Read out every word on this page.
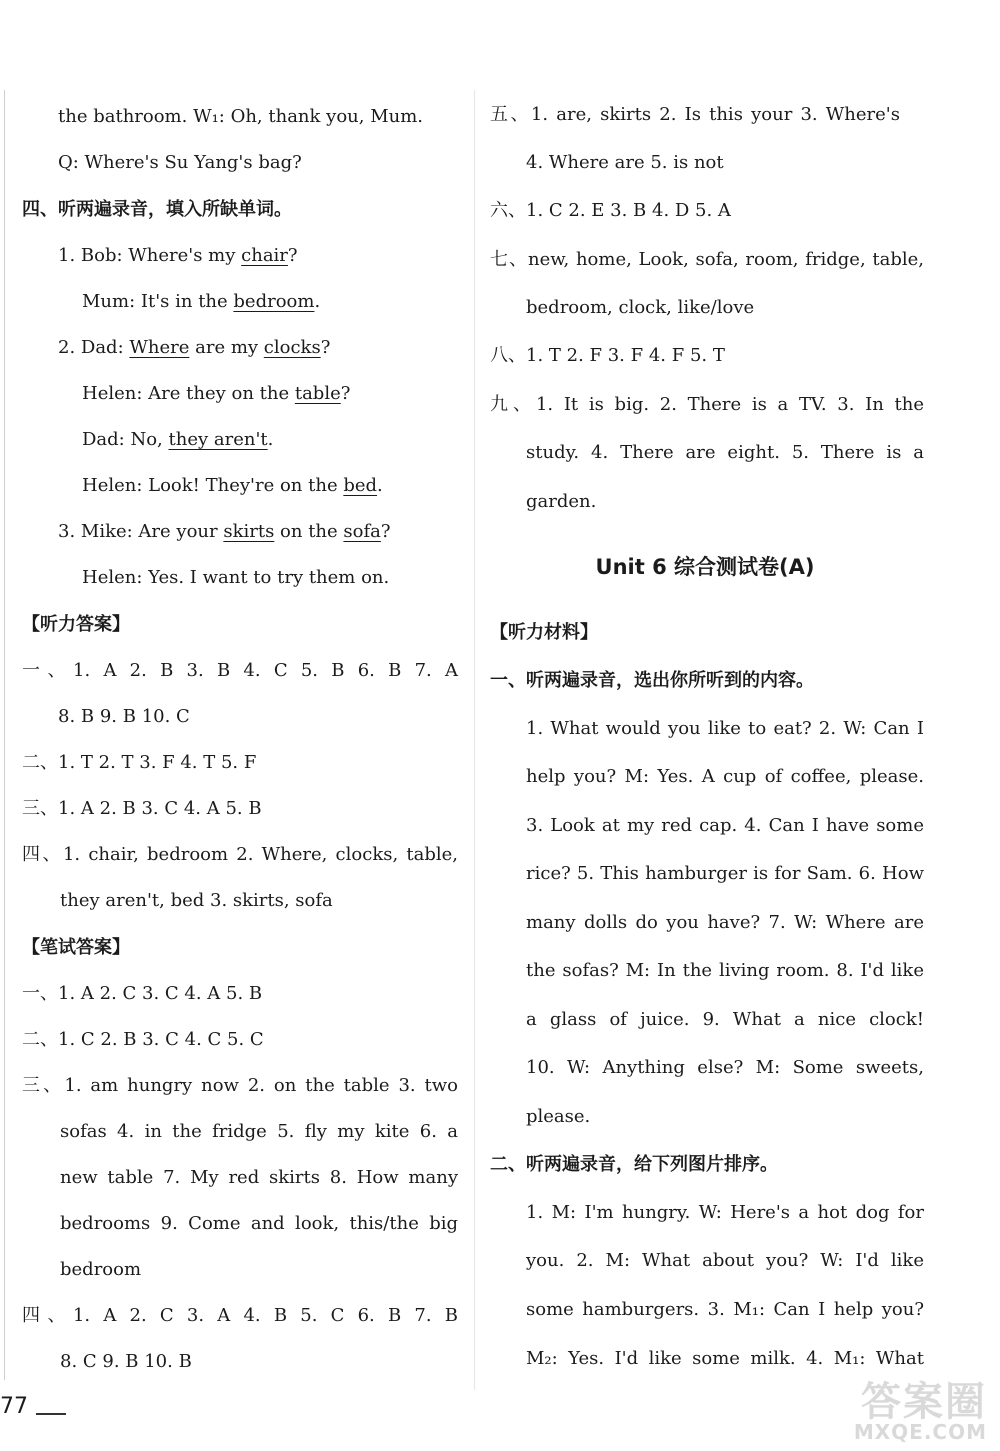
the bathroom. W₁: Oh, thank you, Mum.
Q: Where's Su Yang's bag?
四、听两遍录音，填入所缺单词。
1. Bob: Where's my chair?
Mum: It's in the bedroom.
2. Dad: Where are my clocks?
Helen: Are they on the table?
Dad: No, they aren't.
Helen: Look! They're on the bed.
3. Mike: Are your skirts on the sofa?
Helen: Yes. I want to try them on.
【听力答案】
一、1. A 2. B 3. B 4. C 5. B 6. B 7. A
8. B 9. B 10. C
二、1. T 2. T 3. F 4. T 5. F
三、1. A 2. B 3. C 4. A 5. B
四、1. chair, bedroom 2. Where, clocks, table,
they aren't, bed 3. skirts, sofa
【笔试答案】
一、1. A 2. C 3. C 4. A 5. B
二、1. C 2. B 3. C 4. C 5. C
三、1. am hungry now 2. on the table 3. two
sofas 4. in the fridge 5. fly my kite 6. a
new table 7. My red skirts 8. How many
bedrooms 9. Come and look, this/the big
bedroom
四、1. A 2. C 3. A 4. B 5. C 6. B 7. B
8. C 9. B 10. B
五、1. are, skirts 2. Is this your 3. Where's
4. Where are 5. is not
六、1. C 2. E 3. B 4. D 5. A
七、new, home, Look, sofa, room, fridge, table,
bedroom, clock, like/love
八、1. T 2. F 3. F 4. F 5. T
九、1. It is big. 2. There is a TV. 3. In the
study. 4. There are eight. 5. There is a
garden.
Unit 6 综合测试卷(A)
【听力材料】
一、听两遍录音，选出你所听到的内容。
1. What would you like to eat? 2. W: Can I
help you? M: Yes. A cup of coffee, please.
3. Look at my red cap. 4. Can I have some
rice? 5. This hamburger is for Sam. 6. How
many dolls do you have? 7. W: Where are
the sofas? M: In the living room. 8. I'd like
a glass of juice. 9. What a nice clock!
10. W: Anything else? M: Some sweets,
please.
二、听两遍录音，给下列图片排序。
1. M: I'm hungry. W: Here's a hot dog for
you. 2. M: What about you? W: I'd like
some hamburgers. 3. M₁: Can I help you?
M₂: Yes. I'd like some milk. 4. M₁: What
77	答案圈
MXQE.COM
